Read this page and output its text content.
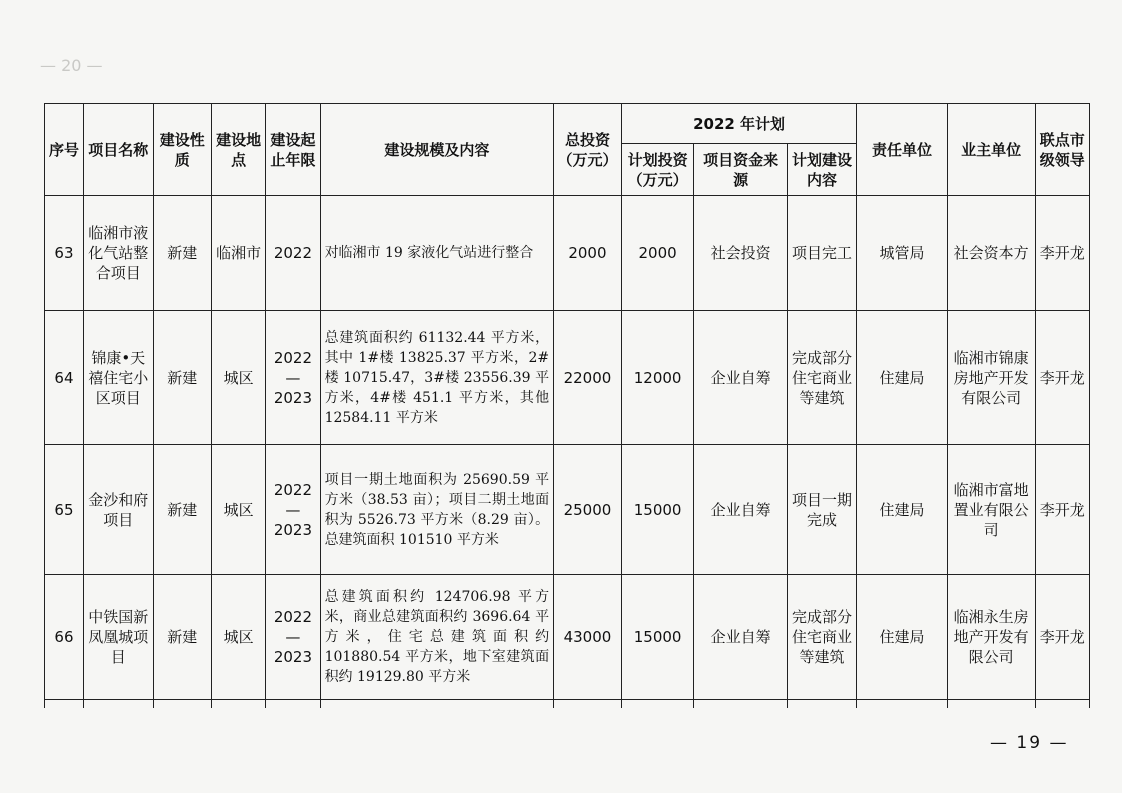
— 20 —
序号	项目名称	建设性质	建设地点	建设起止年限	建设规模及内容	总投资（万元）	2022 年计划			责任单位	业主单位	联点市级领导
							计划投资（万元）	项目资金来源	计划建设内容			
63	临湘市液化气站整合项目	新建	临湘市	2022	对临湘市 19 家液化气站进行整合	2000	2000	社会投资	项目完工	城管局	社会资本方	李开龙
64	锦康•天禧住宅小区项目	新建	城区	2022—2023	总建筑面积约 61132.44 平方米，其中 1#楼 13825.37 平方米，2#楼 10715.47，3#楼 23556.39 平方米，4#楼 451.1 平方米，其他 12584.11 平方米	22000	12000	企业自筹	完成部分住宅商业等建筑	住建局	临湘市锦康房地产开发有限公司	李开龙
65	金沙和府项目	新建	城区	2022—2023	项目一期土地面积为 25690.59 平方米（38.53 亩）；项目二期土地面积为 5526.73 平方米（8.29 亩）。总建筑面积 101510 平方米	25000	15000	企业自筹	项目一期完成	住建局	临湘市富地置业有限公司	李开龙
66	中铁国新凤凰城项目	新建	城区	2022—2023	总建筑面积约 124706.98 平方米，商业总建筑面积约 3696.64 平方米，住宅总建筑面积约 101880.54 平方米，地下室建筑面积约 19129.80 平方米	43000	15000	企业自筹	完成部分住宅商业等建筑	住建局	临湘永生房地产开发有限公司	李开龙

— 19 —
